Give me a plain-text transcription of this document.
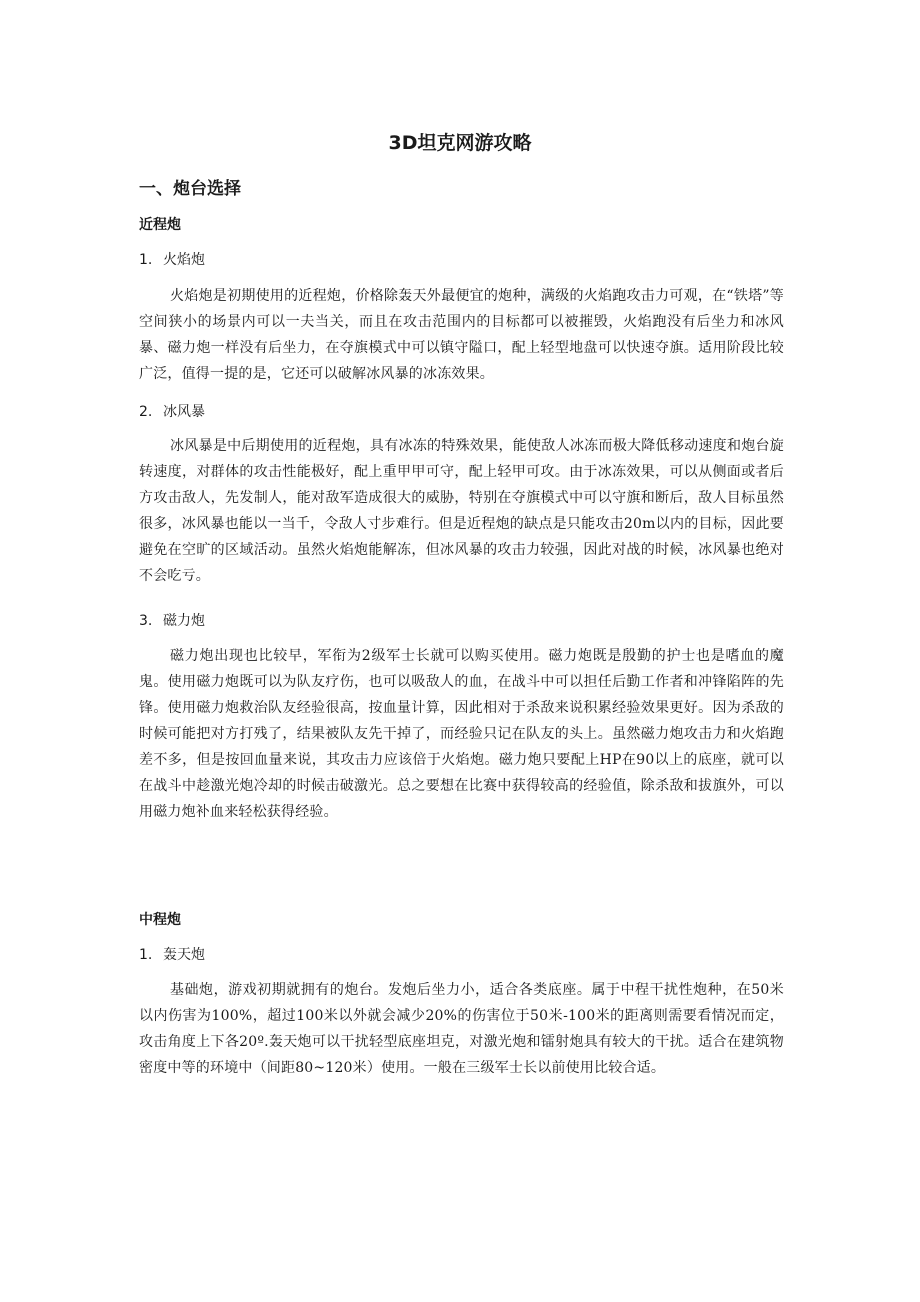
3D坦克网游攻略
一、炮台选择
近程炮
1. 火焰炮

火焰炮是初期使用的近程炮，价格除轰天外最便宜的炮种，满级的火焰跑攻击力可观，在“铁塔”等空间狭小的场景内可以一夫当关，而且在攻击范围内的目标都可以被摧毁，火焰跑没有后坐力和冰风暴、磁力炮一样没有后坐力，在夺旗模式中可以镇守隘口，配上轻型地盘可以快速夺旗。适用阶段比较广泛，值得一提的是，它还可以破解冰风暴的冰冻效果。

2. 冰风暴

冰风暴是中后期使用的近程炮，具有冰冻的特殊效果，能使敌人冰冻而极大降低移动速度和炮台旋转速度，对群体的攻击性能极好，配上重甲甲可守，配上轻甲可攻。由于冰冻效果，可以从侧面或者后方攻击敌人，先发制人，能对敌军造成很大的威胁，特别在夺旗模式中可以守旗和断后，敌人目标虽然很多，冰风暴也能以一当千，令敌人寸步难行。但是近程炮的缺点是只能攻击20m以内的目标，因此要避免在空旷的区域活动。虽然火焰炮能解冻，但冰风暴的攻击力较强，因此对战的时候，冰风暴也绝对不会吃亏。

3. 磁力炮

磁力炮出现也比较早，军衔为2级军士长就可以购买使用。磁力炮既是殷勤的护士也是嗜血的魔鬼。使用磁力炮既可以为队友疗伤，也可以吸敌人的血，在战斗中可以担任后勤工作者和冲锋陷阵的先锋。使用磁力炮救治队友经验很高，按血量计算，因此相对于杀敌来说积累经验效果更好。因为杀敌的时候可能把对方打残了，结果被队友先干掉了，而经验只记在队友的头上。虽然磁力炮攻击力和火焰跑差不多，但是按回血量来说，其攻击力应该倍于火焰炮。磁力炮只要配上HP在90以上的底座，就可以在战斗中趁激光炮冷却的时候击破激光。总之要想在比赛中获得较高的经验值，除杀敌和拔旗外，可以用磁力炮补血来轻松获得经验。

中程炮
1. 轰天炮

基础炮，游戏初期就拥有的炮台。发炮后坐力小，适合各类底座。属于中程干扰性炮种，在50米以内伤害为100%，超过100米以外就会减少20%的伤害位于50米-100米的距离则需要看情况而定，攻击角度上下各20º.轰天炮可以干扰轻型底座坦克，对激光炮和镭射炮具有较大的干扰。适合在建筑物密度中等的环境中（间距80~120米）使用。一般在三级军士长以前使用比较合适。
